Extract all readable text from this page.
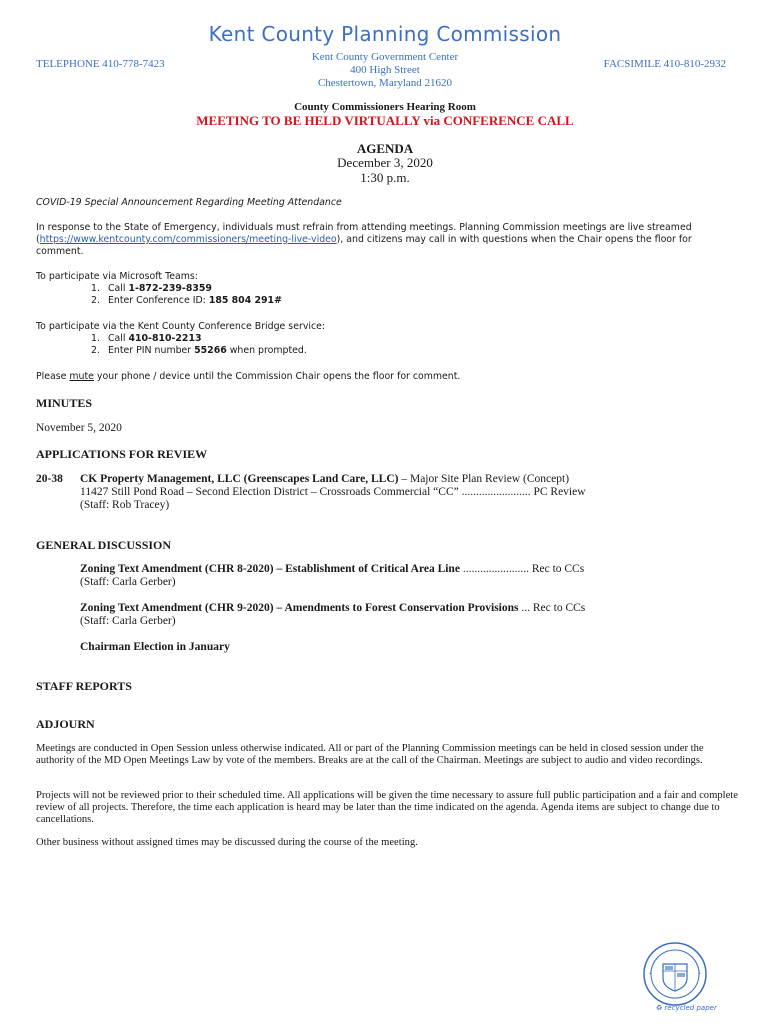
Kent County Planning Commission
TELEPHONE 410-778-7423	FACSIMILE 410-810-2932
Kent County Government Center
400 High Street
Chestertown, Maryland 21620
County Commissioners Hearing Room
MEETING TO BE HELD VIRTUALLY via CONFERENCE CALL
AGENDA
December 3, 2020
1:30 p.m.
COVID-19 Special Announcement Regarding Meeting Attendance
In response to the State of Emergency, individuals must refrain from attending meetings. Planning Commission meetings are live streamed (https://www.kentcounty.com/commissioners/meeting-live-video), and citizens may call in with questions when the Chair opens the floor for comment.
To participate via Microsoft Teams:
1. Call 1-872-239-8359
2. Enter Conference ID: 185 804 291#
To participate via the Kent County Conference Bridge service:
1. Call 410-810-2213
2. Enter PIN number 55266 when prompted.
Please mute your phone / device until the Commission Chair opens the floor for comment.
MINUTES
November 5, 2020
APPLICATIONS FOR REVIEW
20-38 CK Property Management, LLC (Greenscapes Land Care, LLC) – Major Site Plan Review (Concept)
11427 Still Pond Road – Second Election District – Crossroads Commercial “CC” ........................ PC Review
(Staff: Rob Tracey)
GENERAL DISCUSSION
Zoning Text Amendment (CHR 8-2020) – Establishment of Critical Area Line ....................... Rec to CCs
(Staff: Carla Gerber)
Zoning Text Amendment (CHR 9-2020) – Amendments to Forest Conservation Provisions ... Rec to CCs
(Staff: Carla Gerber)
Chairman Election in January
STAFF REPORTS
ADJOURN
Meetings are conducted in Open Session unless otherwise indicated. All or part of the Planning Commission meetings can be held in closed session under the authority of the MD Open Meetings Law by vote of the members. Breaks are at the call of the Chairman. Meetings are subject to audio and video recordings.
Projects will not be reviewed prior to their scheduled time. All applications will be given the time necessary to assure full public participation and a fair and complete review of all projects. Therefore, the time each application is heard may be later than the time indicated on the agenda. Agenda items are subject to change due to cancellations.
Other business without assigned times may be discussed during the course of the meeting.
♻ recycled paper
